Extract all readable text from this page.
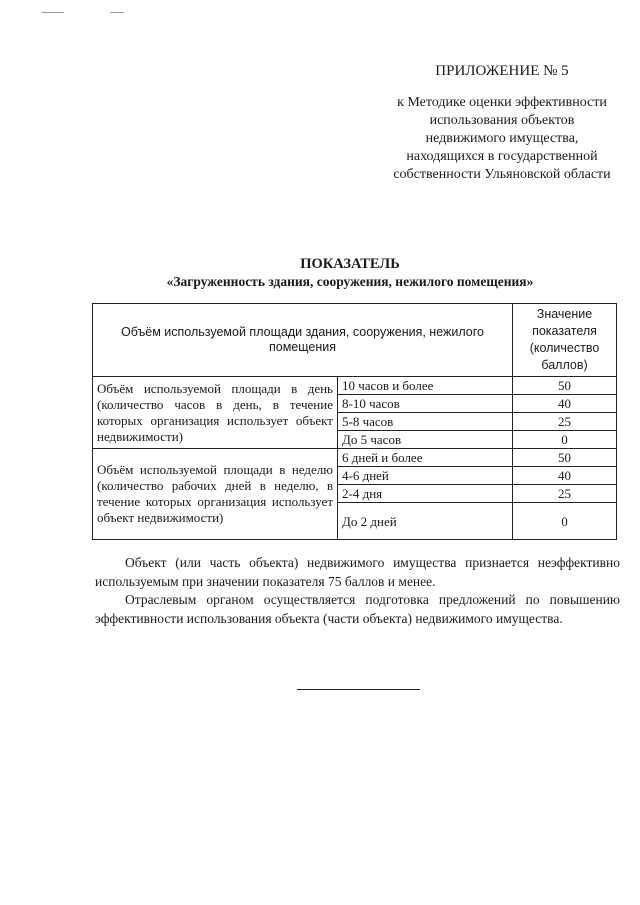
ПРИЛОЖЕНИЕ № 5
к Методике оценки эффективности
использования объектов
недвижимого имущества,
находящихся в государственной
собственности Ульяновской области
ПОКАЗАТЕЛЬ
«Загруженность здания, сооружения, нежилого помещения»
Объём используемой площади здания, сооружения, нежилого помещения		Значение показателя (количество баллов)
Объём используемой площади в день (количество часов в день, в течение которых организация использует объект недвижимости)	10 часов и более	50
	8-10 часов	40
	5-8 часов	25
	До 5 часов	0
Объём используемой площади в неделю (количество рабочих дней в неделю, в течение которых организация использует объект недвижимости)	6 дней и более	50
	4-6 дней	40
	2-4 дня	25
	До 2 дней	0
Объект (или часть объекта) недвижимого имущества признается неэффективно используемым при значении показателя 75 баллов и менее.
Отраслевым органом осуществляется подготовка предложений по повышению эффективности использования объекта (части объекта) недвижимого имущества.
